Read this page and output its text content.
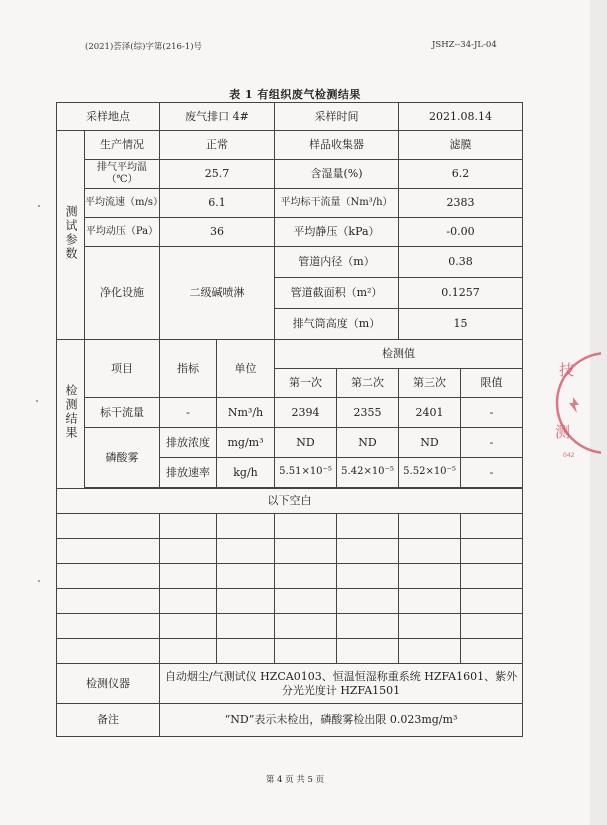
(2021)荟泽(综)字第(216-1)号	JSHZ--34-JL-04
表 1 有组织废气检测结果
采样地点		废气排口 4#		采样时间		2021.08.14	
测试参数	生产情况	正常		样品收集器		滤膜	
	排气平均温（℃）	25.7		含湿量(%)		6.2	
	平均流速（m/s）	6.1		平均标干流量（Nm³/h）		2383	
	平均动压（Pa）	36		平均静压（kPa）		-0.00	
	净化设施	二级碱喷淋		管道内径（m）		0.38	
				管道截面积（m²）		0.1257	
				排气筒高度（m）		15	
检测结果	项目	指标	单位	检测值			
				第一次	第二次	第三次	限值
	标干流量	-	Nm³/h	2394	2355	2401	-
	磷酸雾	排放浓度	mg/m³	ND	ND	ND	-
		排放速率	kg/h	5.51×10⁻⁵	5.42×10⁻⁵	5.52×10⁻⁵	-

以下空白							

检测仪器		自动烟尘/气测试仪 HZCA0103、恒温恒湿称重系统 HZFA1601、紫外分光光度计 HZFA1501					
备注		“ND”表示未检出，磷酸雾检出限 0.023mg/m³					
第 4 页 共 5 页
技
测
042
